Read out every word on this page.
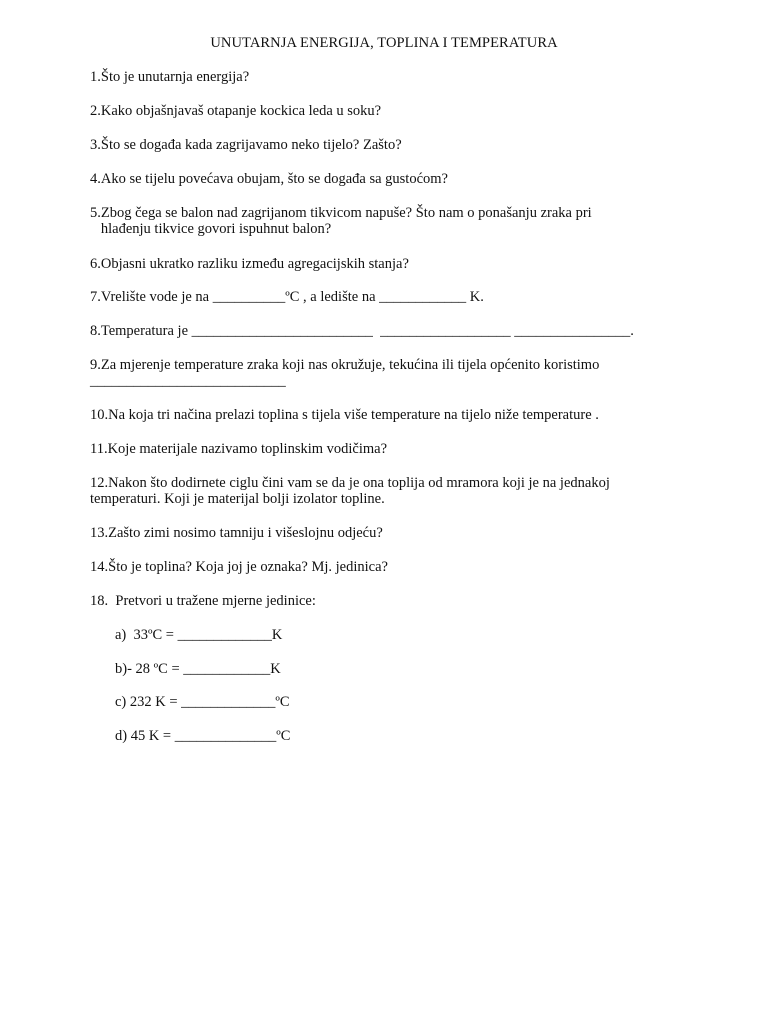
UNUTARNJA ENERGIJA, TOPLINA I TEMPERATURA
1.Što je unutarnja energija?
2.Kako objašnjavaš otapanje kockica leda u soku?
3.Što se događa kada zagrijavamo neko tijelo? Zašto?
4.Ako se tijelu povećava obujam, što se događa sa gustoćom?
5.Zbog čega se balon nad zagrijanom tikvicom napuše? Što nam o ponašanju zraka pri
hlađenju tikvice govori ispuhnut balon?
6.Objasni ukratko razliku između agregacijskih stanja?
7.Vrelište vode je na __________ºC , a ledište na ____________ K.
8.Temperatura je _________________________  __________________ ________________.
9.Za mjerenje temperature zraka koji nas okružuje, tekućina ili tijela općenito koristimo
___________________________
10.Na koja tri načina prelazi toplina s tijela više temperature na tijelo niže temperature .
11.Koje materijale nazivamo toplinskim vodičima?
12.Nakon što dodirnete ciglu čini vam se da je ona toplija od mramora koji je na jednakoj
temperaturi. Koji je materijal bolji izolator topline.
13.Zašto zimi nosimo tamniju i višeslojnu odjeću?
14.Što je toplina? Koja joj je oznaka? Mj. jedinica?
18.  Pretvori u tražene mjerne jedinice:
a)  33ºC = _____________K
b)- 28 ºC = ____________K
c) 232 K = _____________ºC
d) 45 K = ______________ºC
